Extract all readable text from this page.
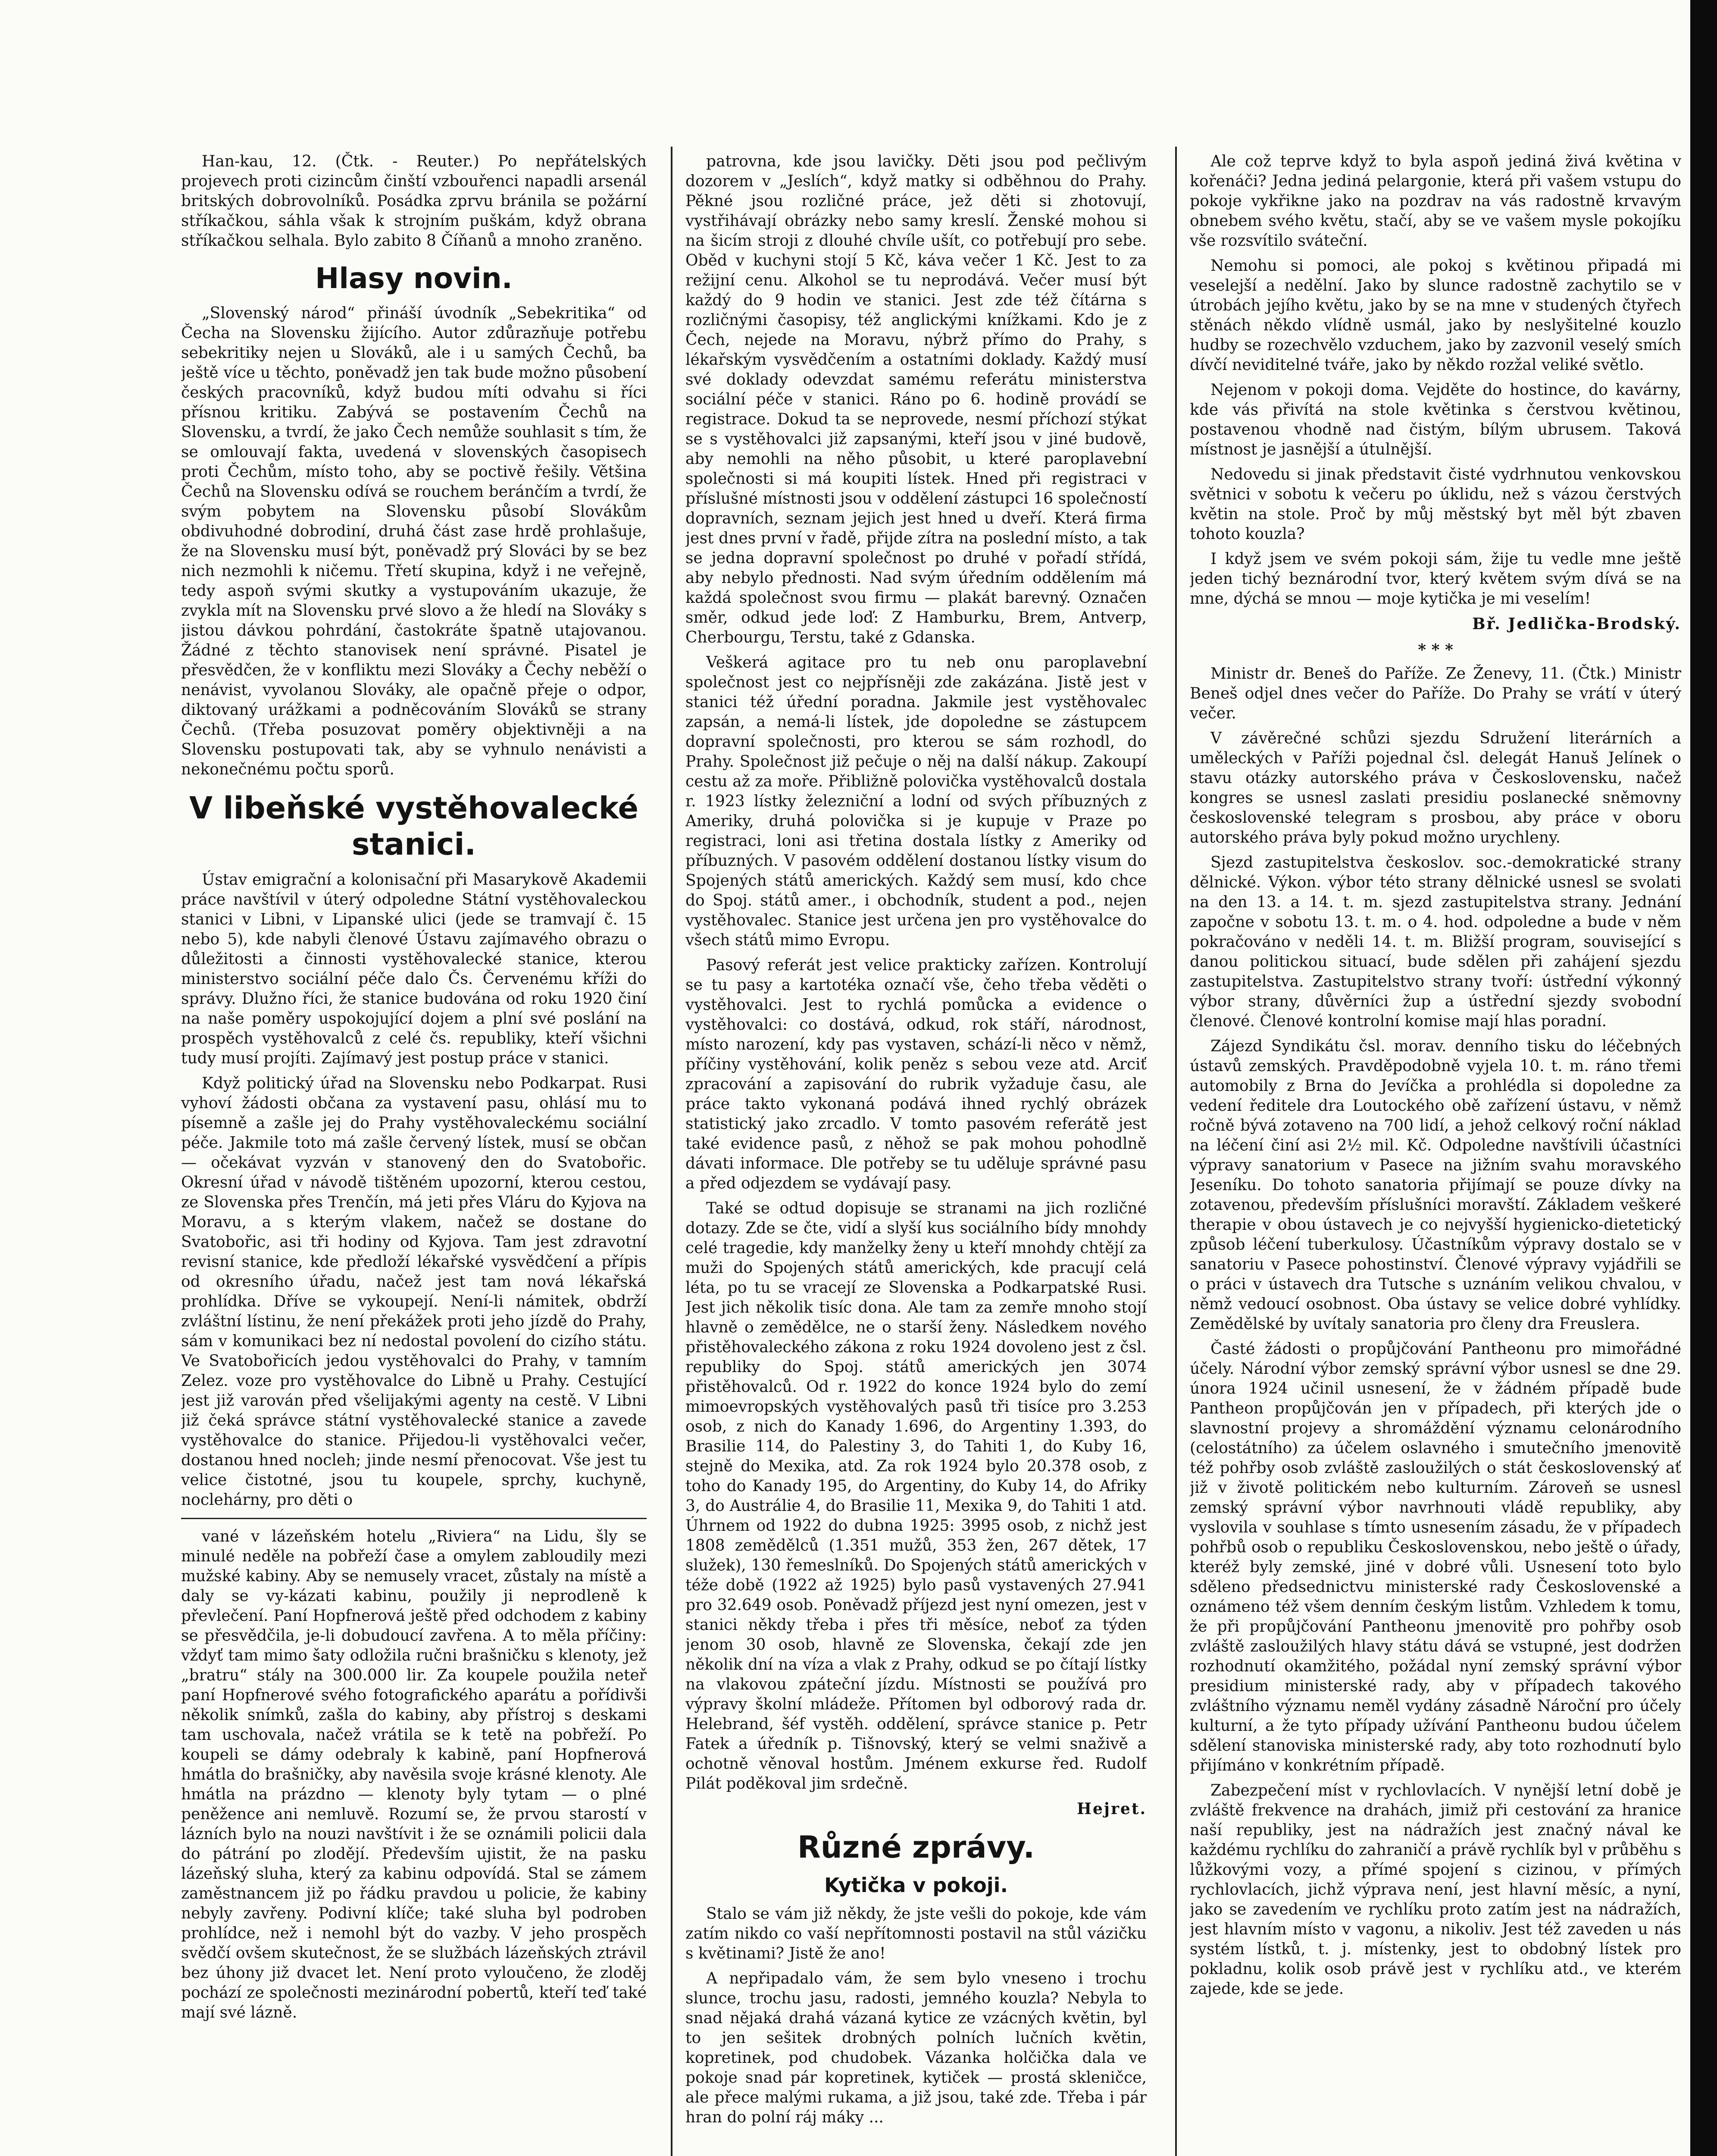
Han-kau, 12. (Čtk. - Reuter.) Po nepřátelských projevech proti cizincům činští vzbouřenci napadli arsenál britských dobrovolníků. Posádka zprvu bránila se požární stříkačkou, sáhla však k strojním puškám, když obrana stříkačkou selhala. Bylo zabito 8 Číňanů a mnoho zraněno.

Hlasy novin.

„Slovenský národ“ přináší úvodník „Sebekritika“ od Čecha na Slovensku žijícího. Autor zdůrazňuje potřebu sebekritiky nejen u Slováků, ale i u samých Čechů, ba ještě více u těchto, poněvadž jen tak bude možno působení českých pracovníků, když budou míti odvahu si říci přísnou kritiku. Zabývá se postavením Čechů na Slovensku, a tvrdí, že jako Čech nemůže souhlasit s tím, že se omlouvají fakta, uvedená v slovenských časopisech proti Čechům, místo toho, aby se poctivě řešily. Většina Čechů na Slovensku odívá se rouchem beránčím a tvrdí, že svým pobytem na Slovensku působí Slovákům obdivuhodné dobrodiní, druhá část zase hrdě prohlašuje, že na Slovensku musí být, poněvadž prý Slováci by se bez nich nezmohli k ničemu. Třetí skupina, když i ne veřejně, tedy aspoň svými skutky a vystupováním ukazuje, že zvykla mít na Slovensku prvé slovo a že hledí na Slováky s jistou dávkou pohrdání, častokráte špatně utajovanou. Žádné z těchto stanovisek není správné. Pisatel je přesvědčen, že v konfliktu mezi Slováky a Čechy neběží o nenávist, vyvolanou Slováky, ale opačně přeje o odpor, diktovaný urážkami a podněcováním Slováků se strany Čechů. (Třeba posuzovat poměry objektivněji a na Slovensku postupovati tak, aby se vyhnulo nenávisti a nekonečnému počtu sporů.

V libeňské vystěhovalecké stanici.

Ústav emigrační a kolonisační při Masarykově Akademii práce navštívil v úterý odpoledne Státní vystěhovaleckou stanici v Libni, v Lipanské ulici (jede se tramvají č. 15 nebo 5), kde nabyli členové Ústavu zajímavého obrazu o důležitosti a činnosti vystěhovalecké stanice, kterou ministerstvo sociální péče dalo Čs. Červenému kříži do správy. Dlužno říci, že stanice budována od roku 1920 činí na naše poměry uspokojující dojem a plní své poslání na prospěch vystěhovalců z celé čs. republiky, kteří všichni tudy musí projíti. Zajímavý jest postup práce v stanici.

Když politický úřad na Slovensku nebo Podkarpat. Rusi vyhoví žádosti občana za vystavení pasu, ohlásí mu to písemně a zašle jej do Prahy vystěhovaleckému sociální péče. Jakmile toto má zašle červený lístek, musí se občan — očekávat vyzván v stanovený den do Svatobořic. Okresní úřad v návodě tištěném upozorní, kterou cestou, ze Slovenska přes Trenčín, má jeti přes Vláru do Kyjova na Moravu, a s kterým vlakem, načež se dostane do Svatobořic, asi tři hodiny od Kyjova. Tam jest zdravotní revisní stanice, kde předloží lékařské vysvědčení a přípis od okresního úřadu, načež jest tam nová lékařská prohlídka. Dříve se vykoupejí. Není-li námitek, obdrží zvláštní lístinu, že není překážek proti jeho jízdě do Prahy, sám v komunikaci bez ní nedostal povolení do cizího státu. Ve Svatobořicích jedou vystěhovalci do Prahy, v tamním Zelez. voze pro vystěhovalce do Libně u Prahy. Cestující jest již varován před všelijakými agenty na cestě. V Libni již čeká správce státní vystěhovalecké stanice a zavede vystěhovalce do stanice. Přijedou-li vystěhovalci večer, dostanou hned nocleh; jinde nesmí přenocovat. Vše jest tu velice čistotné, jsou tu koupele, sprchy, kuchyně, noclehárny, pro děti o

vané v lázeňském hotelu „Riviera“ na Lidu, šly se minulé neděle na pobřeží čase a omylem zabloudily mezi mužské kabiny. Aby se nemusely vracet, zůstaly na místě a daly se vy-kázati kabinu, použily ji neprodleně k převlečení. Paní Hopfnerová ještě před odchodem z kabiny se přesvědčila, je-li dobudoucí zavřena. A to měla příčiny: vždyť tam mimo šaty odložila ručni brašničku s klenoty, jež „bratru“ stály na 300.000 lir. Za koupele použila neteř paní Hopfnerové svého fotografického aparátu a pořídivši několik snímků, zašla do kabiny, aby přístroj s deskami tam uschovala, načež vrátila se k tetě na pobřeží. Po koupeli se dámy odebraly k kabině, paní Hopfnerová hmátla do brašničky, aby navěsila svoje krásné klenoty. Ale hmátla na prázdno — klenoty byly tytam — o plné peněžence ani nemluvě. Rozumí se, že prvou starostí v lázních bylo na nouzi navštívit i že se oznámili policii dala do pátrání po zlodějí. Především ujistit, že na pasku lázeňský sluha, který za kabinu odpovídá. Stal se zámem zaměstnancem již po řádku pravdou u policie, že kabiny nebyly zavřeny. Podivní klíče; také sluha byl podroben prohlídce, než i nemohl být do vazby. V jeho prospěch svědčí ovšem skutečnost, že se službách lázeňských ztrávil bez úhony již dvacet let. Není proto vyloučeno, že zloděj pochází ze společnosti mezinárodní pobertů, kteří teď také mají své lázně.

patrovna, kde jsou lavičky. Děti jsou pod pečlivým dozorem v „Jeslích“, když matky si odběhnou do Prahy. Pěkné jsou rozličné práce, jež děti si zhotovují, vystřihávají obrázky nebo samy kreslí. Ženské mohou si na šicím stroji z dlouhé chvíle ušít, co potřebují pro sebe. Oběd v kuchyni stojí 5 Kč, káva večer 1 Kč. Jest to za režijní cenu. Alkohol se tu neprodává. Večer musí být každý do 9 hodin ve stanici. Jest zde též čítárna s rozličnými časopisy, též anglickými knížkami. Kdo je z Čech, nejede na Moravu, nýbrž přímo do Prahy, s lékařským vysvědčením a ostatními doklady. Každý musí své doklady odevzdat samému referátu ministerstva sociální péče v stanici. Ráno po 6. hodině provádí se registrace. Dokud ta se neprovede, nesmí příchozí stýkat se s vystěhovalci již zapsanými, kteří jsou v jiné budově, aby nemohli na něho působit, u které paroplavební společnosti si má koupiti lístek. Hned při registraci v příslušné místnosti jsou v oddělení zástupci 16 společností dopravních, seznam jejich jest hned u dveří. Která firma jest dnes první v řadě, přijde zítra na poslední místo, a tak se jedna dopravní společnost po druhé v pořadí střídá, aby nebylo přednosti. Nad svým úředním oddělením má každá společnost svou firmu — plakát barevný. Označen směr, odkud jede loď: Z Hamburku, Brem, Antverp, Cherbourgu, Terstu, také z Gdanska.

Veškerá agitace pro tu neb onu paroplavební společnost jest co nejpřísněji zde zakázána. Jistě jest v stanici též úřední poradna. Jakmile jest vystěhovalec zapsán, a nemá-li lístek, jde dopoledne se zástupcem dopravní společnosti, pro kterou se sám rozhodl, do Prahy. Společnost již pečuje o něj na další nákup. Zakoupí cestu až za moře. Přibližně polovička vystěhovalců dostala r. 1923 lístky železniční a lodní od svých příbuzných z Ameriky, druhá polovička si je kupuje v Praze po registraci, loni asi třetina dostala lístky z Ameriky od příbuzných. V pasovém oddělení dostanou lístky visum do Spojených států amerických. Každý sem musí, kdo chce do Spoj. států amer., i obchodník, student a pod., nejen vystěhovalec. Stanice jest určena jen pro vystěhovalce do všech států mimo Evropu.

Pasový referát jest velice prakticky zařízen. Kontrolují se tu pasy a kartotéka označí vše, čeho třeba věděti o vystěhovalci. Jest to rychlá pomůcka a evidence o vystěhovalci: co dostává, odkud, rok stáří, národnost, místo narození, kdy pas vystaven, schází-li něco v němž, příčiny vystěhování, kolik peněz s sebou veze atd. Arciť zpracování a zapisování do rubrik vyžaduje času, ale práce takto vykonaná podává ihned rychlý obrázek statistický jako zrcadlo. V tomto pasovém referátě jest také evidence pasů, z něhož se pak mohou pohodlně dávati informace. Dle potřeby se tu uděluje správné pasu a před odjezdem se vydávají pasy.

Také se odtud dopisuje se stranami na jich rozličné dotazy. Zde se čte, vidí a slyší kus sociálního bídy mnohdy celé tragedie, kdy manželky ženy u kteří mnohdy chtějí za muži do Spojených států amerických, kde pracují celá léta, po tu se vracejí ze Slovenska a Podkarpatské Rusi. Jest jich několik tisíc dona. Ale tam za zemře mnoho stojí hlavně o zemědělce, ne o starší ženy. Následkem nového přistěhovaleckého zákona z roku 1924 dovoleno jest z čsl. republiky do Spoj. států amerických jen 3074 přistěhovalců. Od r. 1922 do konce 1924 bylo do zemí mimoevropských vystěhovalých pasů tři tisíce pro 3.253 osob, z nich do Kanady 1.696, do Argentiny 1.393, do Brasilie 114, do Palestiny 3, do Tahiti 1, do Kuby 16, stejně do Mexika, atd. Za rok 1924 bylo 20.378 osob, z toho do Kanady 195, do Argentiny, do Kuby 14, do Afriky 3, do Austrálie 4, do Brasilie 11, Mexika 9, do Tahiti 1 atd. Úhrnem od 1922 do dubna 1925: 3995 osob, z nichž jest 1808 zemědělců (1.351 mužů, 353 žen, 267 dětek, 17 služek), 130 řemeslníků. Do Spojených států amerických v téže době (1922 až 1925) bylo pasů vystavených 27.941 pro 32.649 osob. Poněvadž příjezd jest nyní omezen, jest v stanici někdy třeba i přes tři měsíce, neboť za týden jenom 30 osob, hlavně ze Slovenska, čekají zde jen několik dní na víza a vlak z Prahy, odkud se po čítají lístky na vlakovou zpáteční jízdu. Místnosti se používá pro výpravy školní mládeže. Přítomen byl odborový rada dr. Helebrand, šéf vystěh. oddělení, správce stanice p. Petr Fatek a úředník p. Tišnovský, který se velmi snaživě a ochotně věnoval hostům. Jménem exkurse řed. Rudolf Pilát poděkoval jim srdečně.

Hejret.
Různé zprávy.
Kytička v pokoji.

Stalo se vám již někdy, že jste vešli do pokoje, kde vám zatím nikdo co vaší nepřítomnosti postavil na stůl vázičku s květinami? Jistě že ano!

A nepřipadalo vám, že sem bylo vneseno i trochu slunce, trochu jasu, radosti, jemného kouzla? Nebyla to snad nějaká drahá vázaná kytice ze vzácných květin, byl to jen sešitek drobných polních lučních květin, kopretinek, pod chudobek. Vázanka holčička dala ve pokoje snad pár kopretinek, kytiček — prostá skleničce, ale přece malými rukama, a již jsou, také zde. Třeba i pár hran do polní ráj máky ...

Ale což teprve když to byla aspoň jediná živá květina v kořenáči? Jedna jediná pelargonie, která při vašem vstupu do pokoje vykřikne jako na pozdrav na vás radostně krvavým obnebem svého květu, stačí, aby se ve vašem mysle pokojíku vše rozsvítilo sváteční.

Nemohu si pomoci, ale pokoj s květinou připadá mi veselejší a nedělní. Jako by slunce radostně zachytilo se v útrobách jejího květu, jako by se na mne v studených čtyřech stěnách někdo vlídně usmál, jako by neslyšitelné kouzlo hudby se rozechvělo vzduchem, jako by zazvonil veselý smích dívčí neviditelné tváře, jako by někdo rozžal veliké světlo.

Nejenom v pokoji doma. Vejděte do hostince, do kavárny, kde vás přivítá na stole květinka s čerstvou květinou, postavenou vhodně nad čistým, bílým ubrusem. Taková místnost je jasnější a útulnější.

Nedovedu si jinak představit čisté vydrhnutou venkovskou světnici v sobotu k večeru po úklidu, než s vázou čerstvých květin na stole. Proč by můj městský byt měl být zbaven tohoto kouzla?

I když jsem ve svém pokoji sám, žije tu vedle mne ještě jeden tichý beznárodní tvor, který květem svým dívá se na mne, dýchá se mnou — moje kytička je mi veselím!

Bř. Jedlička-Brodský.
* * *

Ministr dr. Beneš do Paříže. Ze Ženevy, 11. (Čtk.) Ministr Beneš odjel dnes večer do Paříže. Do Prahy se vrátí v úterý večer.

V závěrečné schůzi sjezdu Sdružení literárních a uměleckých v Paříži pojednal čsl. delegát Hanuš Jelínek o stavu otázky autorského práva v Československu, načež kongres se usnesl zaslati presidiu poslanecké sněmovny československé telegram s prosbou, aby práce v oboru autorského práva byly pokud možno urychleny.

Sjezd zastupitelstva českoslov. soc.-demokratické strany dělnické. Výkon. výbor této strany dělnické usnesl se svolati na den 13. a 14. t. m. sjezd zastupitelstva strany. Jednání započne v sobotu 13. t. m. o 4. hod. odpoledne a bude v něm pokračováno v neděli 14. t. m. Bližší program, související s danou politickou situací, bude sdělen při zahájení sjezdu zastupitelstva. Zastupitelstvo strany tvoří: ústřední výkonný výbor strany, důvěrníci žup a ústřední sjezdy svobodní členové. Členové kontrolní komise mají hlas poradní.

Zájezd Syndikátu čsl. morav. denního tisku do léčebných ústavů zemských. Pravděpodobně vyjela 10. t. m. ráno třemi automobily z Brna do Jevíčka a prohlédla si dopoledne za vedení ředitele dra Loutockého obě zařízení ústavu, v němž ročně bývá zotaveno na 700 lidí, a jehož celkový roční náklad na léčení činí asi 2½ mil. Kč. Odpoledne navštívili účastníci výpravy sanatorium v Pasece na jižním svahu moravského Jeseníku. Do tohoto sanatoria přijímají se pouze dívky na zotavenou, především příslušníci moravští. Základem veškeré therapie v obou ústavech je co nejvyšší hygienicko-dietetický způsob léčení tuberkulosy. Účastníkům výpravy dostalo se v sanatoriu v Pasece pohostinství. Členové výpravy vyjádřili se o práci v ústavech dra Tutsche s uznáním velikou chvalou, v němž vedoucí osobnost. Oba ústavy se velice dobré vyhlídky. Zemědělské by uvítaly sanatoria pro členy dra Freuslera.

Časté žádosti o propůjčování Pantheonu pro mimořádné účely. Národní výbor zemský správní výbor usnesl se dne 29. února 1924 učinil usnesení, že v žádném případě bude Pantheon propůjčován jen v případech, při kterých jde o slavnostní projevy a shromáždění významu celonárodního (celostátního) za účelem oslavného i smutečního jmenovitě též pohřby osob zvláště zasloužilých o stát československý ať již v životě politickém nebo kulturním. Zároveň se usnesl zemský správní výbor navrhnouti vládě republiky, aby vyslovila v souhlase s tímto usnesením zásadu, že v případech pohřbů osob o republiku Československou, nebo ještě o úřady, kteréž byly zemské, jiné v dobré vůli. Usnesení toto bylo sděleno předsednictvu ministerské rady Československé a oznámeno též všem denním českým listům. Vzhledem k tomu, že při propůjčování Pantheonu jmenovitě pro pohřby osob zvláště zasloužilých hlavy státu dává se vstupné, jest dodržen rozhodnutí okamžitého, požádal nyní zemský správní výbor presidium ministerské rady, aby v případech takového zvláštního významu neměl vydány zásadně Nároční pro účely kulturní, a že tyto případy užívání Pantheonu budou účelem sdělení stanoviska ministerské rady, aby toto rozhodnutí bylo přijímáno v konkrétním případě.

Zabezpečení míst v rychlovlacích. V nynější letní době je zvláště frekvence na drahách, jimiž při cestování za hranice naší republiky, jest na nádražích jest značný nával ke každému rychlíku do zahraničí a právě rychlík byl v průběhu s lůžkovými vozy, a přímé spojení s cizinou, v přímých rychlovlacích, jichž výprava není, jest hlavní měsíc, a nyní, jako se zavedením ve rychlíku proto zatím jest na nádražích, jest hlavním místo v vagonu, a nikoliv. Jest též zaveden u nás systém lístků, t. j. místenky, jest to obdobný lístek pro pokladnu, kolik osob právě jest v rychlíku atd., ve kterém zajede, kde se jede.
